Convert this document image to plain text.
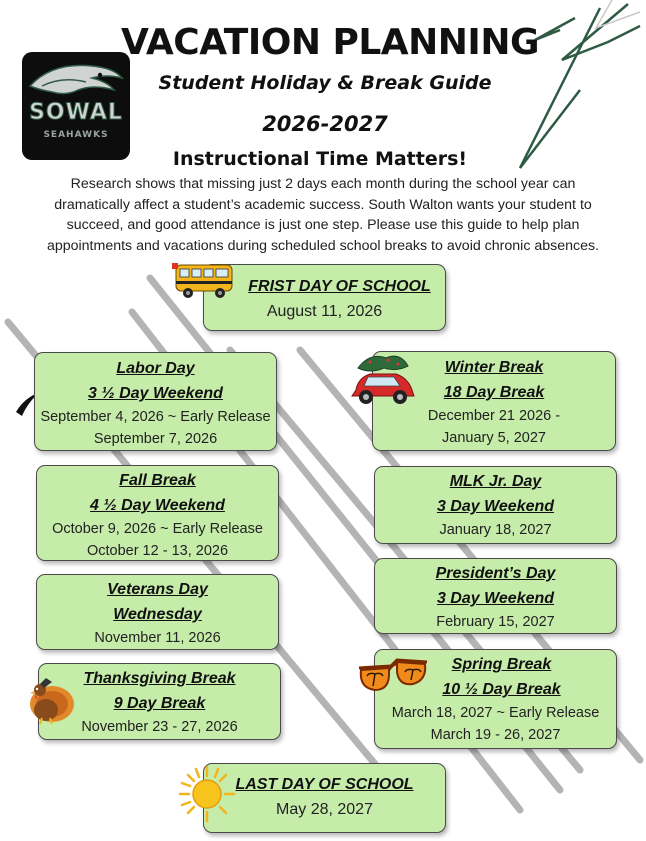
SOWAL
SEAHAWKS
VACATION PLANNING
Student Holiday & Break Guide
2026-2027
Instructional Time Matters!
Research shows that missing just 2 days each month during the school year can
dramatically affect a student’s academic success. South Walton wants your student to
succeed, and good attendance is just one step. Please use this guide to help plan
appointments and vacations during scheduled school breaks to avoid chronic absences.
FRIST DAY OF SCHOOL
August 11, 2026
Labor Day
3 ½ Day Weekend
September 4, 2026 ~ Early Release
September 7, 2026
Fall Break
4 ½ Day Weekend
October 9, 2026 ~ Early Release
October 12 - 13, 2026
Veterans Day
Wednesday
November 11, 2026
Thanksgiving Break
9 Day Break
November 23 - 27, 2026
Winter Break
18 Day Break
December 21 2026 -
January 5, 2027
MLK Jr. Day
3 Day Weekend
January 18, 2027
President’s Day
3 Day Weekend
February 15, 2027
Spring Break
10 ½ Day Break
March 18, 2027 ~ Early Release
March 19 - 26, 2027
LAST DAY OF SCHOOL
May 28, 2027
